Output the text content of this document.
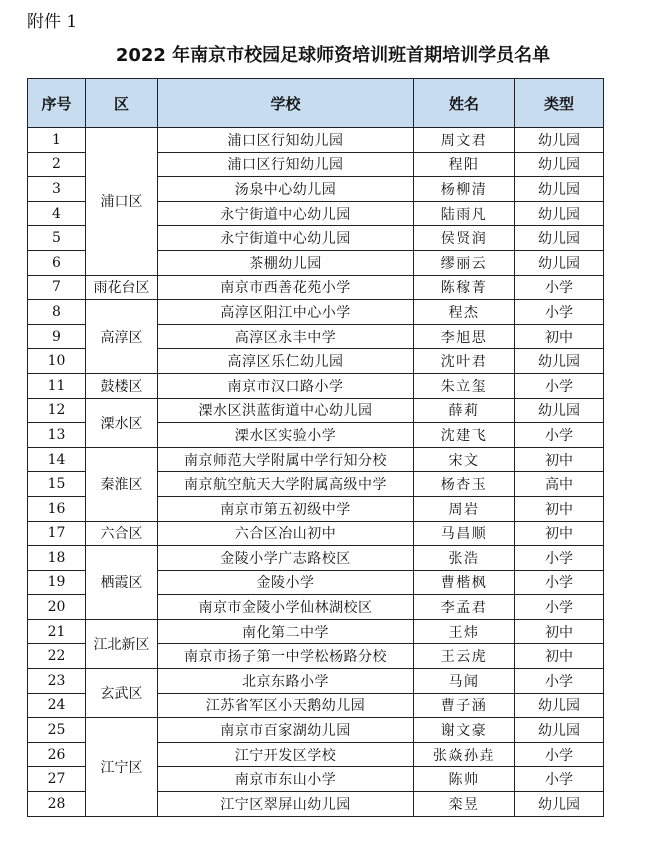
附件 1
2022 年南京市校园足球师资培训班首期培训学员名单
序号	区	学校	姓名	类型
1	浦口区	浦口区行知幼儿园	周文君	幼儿园
2		浦口区行知幼儿园	程阳	幼儿园
3		汤泉中心幼儿园	杨柳清	幼儿园
4		永宁街道中心幼儿园	陆雨凡	幼儿园
5		永宁街道中心幼儿园	侯贤润	幼儿园
6		茶棚幼儿园	缪丽云	幼儿园
7	雨花台区	南京市西善花苑小学	陈稼菁	小学
8	高淳区	高淳区阳江中心小学	程杰	小学
9		高淳区永丰中学	李旭思	初中
10		高淳区乐仁幼儿园	沈叶君	幼儿园
11	鼓楼区	南京市汉口路小学	朱立玺	小学
12	溧水区	溧水区洪蓝街道中心幼儿园	薛莉	幼儿园
13		溧水区实验小学	沈建飞	小学
14	秦淮区	南京师范大学附属中学行知分校	宋文	初中
15		南京航空航天大学附属高级中学	杨杏玉	高中
16		南京市第五初级中学	周岩	初中
17	六合区	六合区冶山初中	马昌顺	初中
18	栖霞区	金陵小学广志路校区	张浩	小学
19		金陵小学	曹楷枫	小学
20		南京市金陵小学仙林湖校区	李孟君	小学
21	江北新区	南化第二中学	王炜	初中
22		南京市扬子第一中学松杨路分校	王云虎	初中
23	玄武区	北京东路小学	马闻	小学
24		江苏省军区小天鹅幼儿园	曹子涵	幼儿园
25	江宁区	南京市百家湖幼儿园	谢文豪	幼儿园
26		江宁开发区学校	张焱孙垚	小学
27		南京市东山小学	陈帅	小学
28		江宁区翠屏山幼儿园	栾昱	幼儿园
